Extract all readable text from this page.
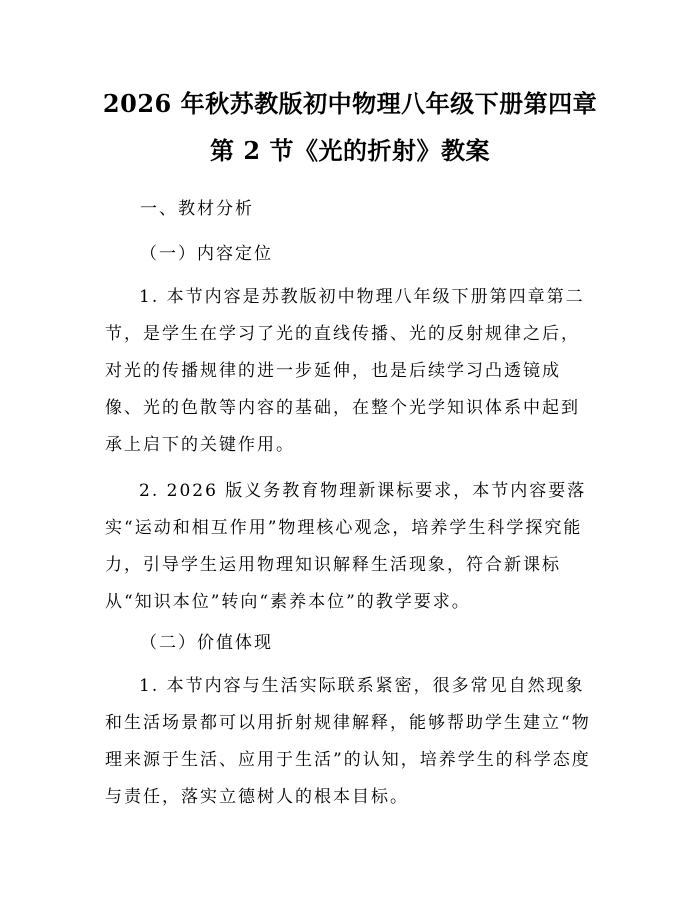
2026 年秋苏教版初中物理八年级下册第四章
第 2 节《光的折射》教案
一、教材分析
（一）内容定位
1. 本节内容是苏教版初中物理八年级下册第四章第二节，是学生在学习了光的直线传播、光的反射规律之后，对光的传播规律的进一步延伸，也是后续学习凸透镜成像、光的色散等内容的基础，在整个光学知识体系中起到承上启下的关键作用。
2. 2026 版义务教育物理新课标要求，本节内容要落实“运动和相互作用”物理核心观念，培养学生科学探究能力，引导学生运用物理知识解释生活现象，符合新课标从“知识本位”转向“素养本位”的教学要求。
（二）价值体现
1. 本节内容与生活实际联系紧密，很多常见自然现象和生活场景都可以用折射规律解释，能够帮助学生建立“物理来源于生活、应用于生活”的认知，培养学生的科学态度与责任，落实立德树人的根本目标。
